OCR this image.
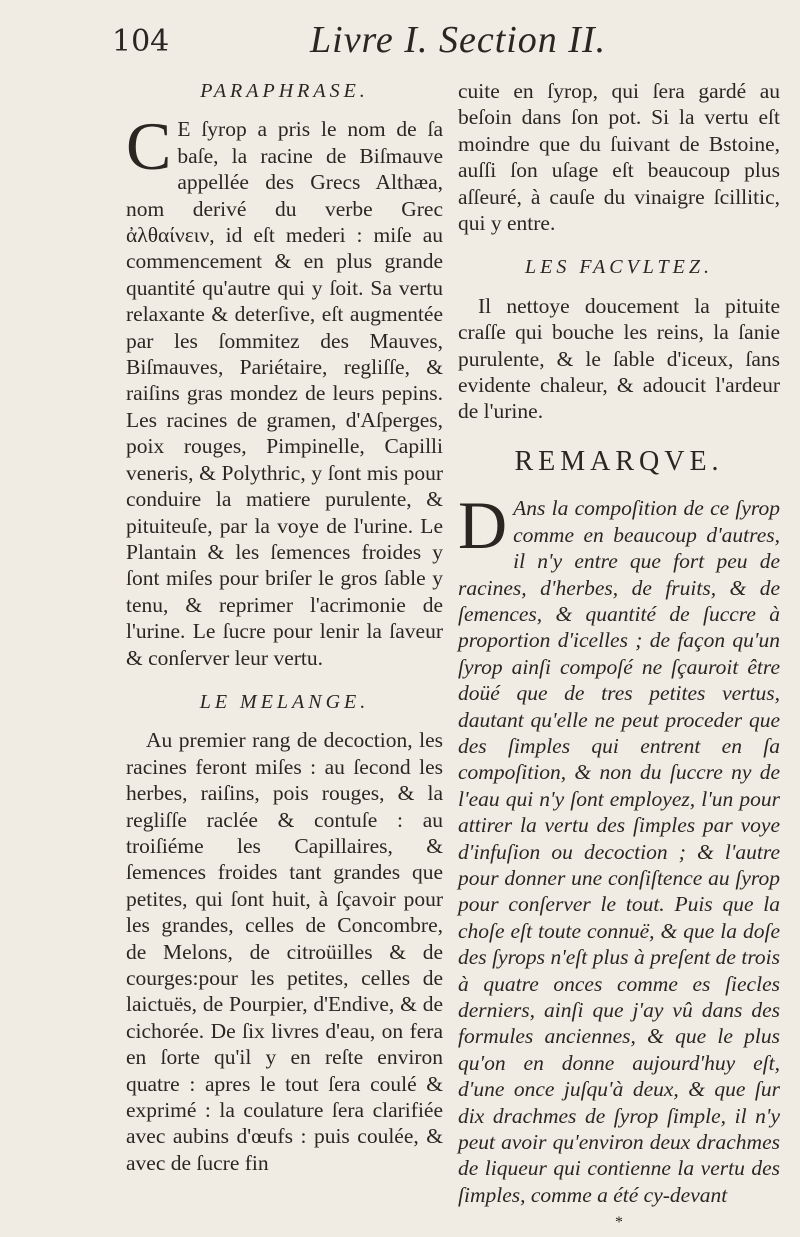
104	Livre I. Section II.
PARAPHRASE.

C E ſyrop a pris le nom de ſa baſe, la racine de Biſmauve appellée des Grecs Althæa, nom derivé du verbe Grec ἀλθαίνειν, id eſt mederi : miſe au commencement & en plus grande quantité qu'autre qui y ſoit. Sa vertu relaxante & deterſive, eſt augmentée par les ſommitez des Mauves, Biſmauves, Pariétaire, regliſſe, & raiſins gras mondez de leurs pepins. Les racines de gramen, d'Aſperges, poix rouges, Pimpinelle, Capilli veneris, & Polythric, y ſont mis pour conduire la matiere purulente, & pituiteuſe, par la voye de l'urine. Le Plantain & les ſemences froides y ſont miſes pour briſer le gros ſable y tenu, & reprimer l'acrimonie de l'urine. Le ſucre pour lenir la ſaveur & conſerver leur vertu.

LE MELANGE.

Au premier rang de decoction, les racines feront miſes : au ſecond les herbes, raiſins, pois rouges, & la regliſſe raclée & contuſe : au troiſiéme les Capillaires, & ſemences froides tant grandes que petites, qui ſont huit, à ſçavoir pour les grandes, celles de Concombre, de Melons, de citroüilles & de courges:pour les petites, celles de laictuës, de Pourpier, d'Endive, & de cichorée. De ſix livres d'eau, on fera en ſorte qu'il y en reſte environ quatre : apres le tout ſera coulé & exprimé : la coulature ſera clarifiée avec aubins d'œufs : puis coulée, & avec de ſucre fin

cuite en ſyrop, qui ſera gardé au beſoin dans ſon pot. Si la vertu eſt moindre que du ſuivant de Bstoine, auſſi ſon uſage eſt beaucoup plus aſſeuré, à cauſe du vinaigre ſcillitic, qui y entre.

LES FACVLTEZ.

Il nettoye doucement la pituite craſſe qui bouche les reins, la ſanie purulente, & le ſable d'iceux, ſans evidente chaleur, & adoucit l'ardeur de l'urine.

REMARQVE.

D Ans la compoſition de ce ſyrop comme en beaucoup d'autres, il n'y entre que fort peu de racines, d'herbes, de fruits, & de ſemences, & quantité de ſuccre à proportion d'icelles ; de façon qu'un ſyrop ainſi compoſé ne ſçauroit être doüé que de tres petites vertus, dautant qu'elle ne peut proceder que des ſimples qui entrent en ſa compoſition, & non du ſuccre ny de l'eau qui n'y ſont employez, l'un pour attirer la vertu des ſimples par voye d'infuſion ou decoction ; & l'autre pour donner une conſiſtence au ſyrop pour conſerver le tout. Puis que la choſe eſt toute connuë, & que la doſe des ſyrops n'eſt plus à preſent de trois à quatre onces comme es ſiecles derniers, ainſi que j'ay vû dans des formules anciennes, & que le plus qu'on en donne aujourd'huy eſt, d'une once juſqu'à deux, & que ſur dix drachmes de ſyrop ſimple, il n'y peut avoir qu'environ deux drachmes de liqueur qui contienne la vertu des ſimples, comme a été cy-devant

*
